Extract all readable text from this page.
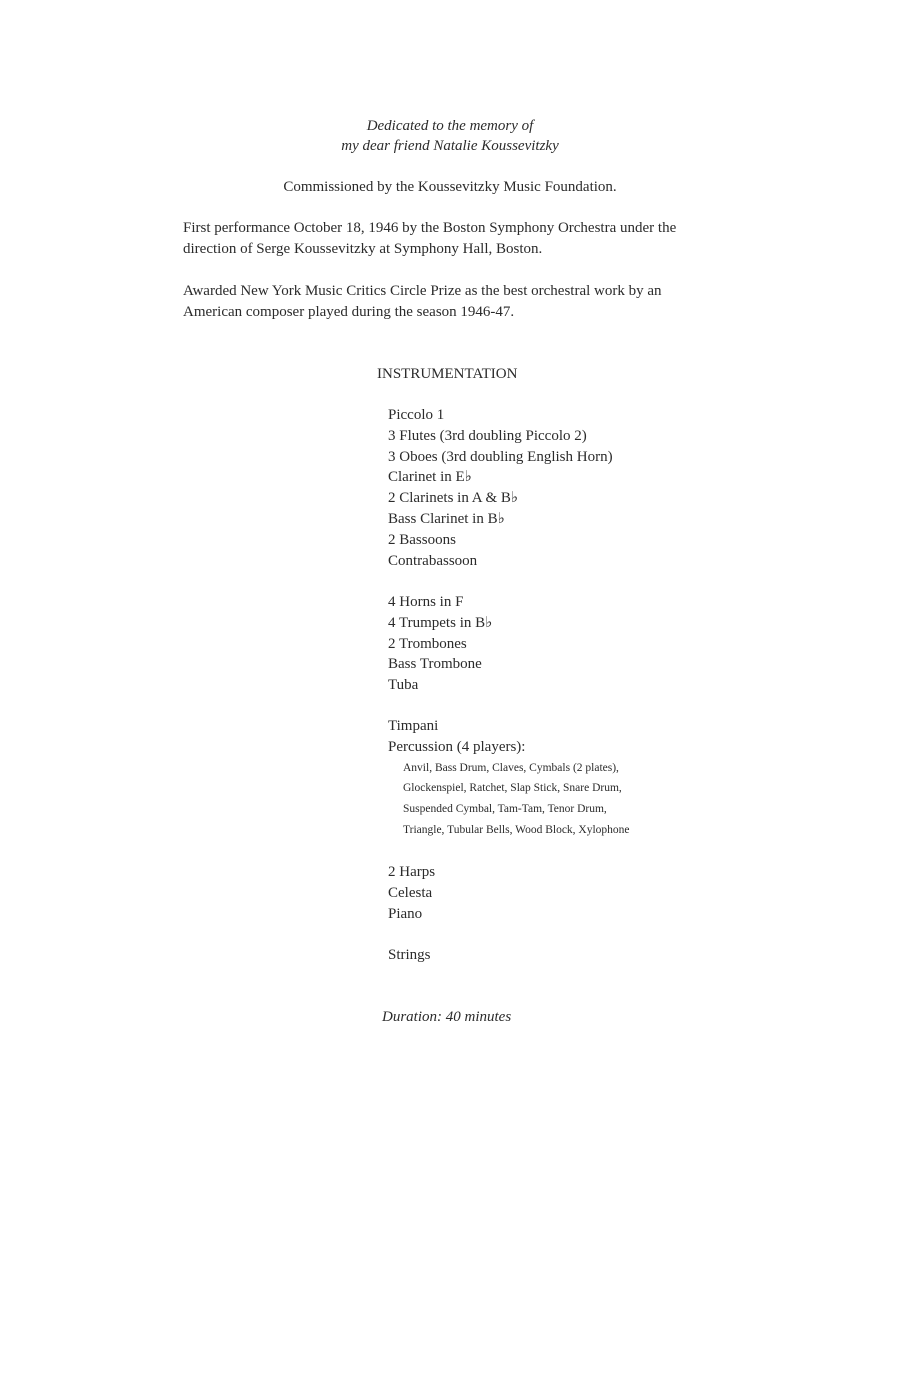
Dedicated to the memory of
my dear friend Natalie Koussevitzky
Commissioned by the Koussevitzky Music Foundation.
First performance October 18, 1946 by the Boston Symphony Orchestra under the
direction of Serge Koussevitzky at Symphony Hall, Boston.
Awarded New York Music Critics Circle Prize as the best orchestral work by an
American composer played during the season 1946-47.
INSTRUMENTATION
Piccolo 1
3 Flutes (3rd doubling Piccolo 2)
3 Oboes (3rd doubling English Horn)
Clarinet in E♭
2 Clarinets in A & B♭
Bass Clarinet in B♭
2 Bassoons
Contrabassoon
4 Horns in F
4 Trumpets in B♭
2 Trombones
Bass Trombone
Tuba
Timpani
Percussion (4 players):
Anvil, Bass Drum, Claves, Cymbals (2 plates),
Glockenspiel, Ratchet, Slap Stick, Snare Drum,
Suspended Cymbal, Tam-Tam, Tenor Drum,
Triangle, Tubular Bells, Wood Block, Xylophone
2 Harps
Celesta
Piano
Strings
Duration: 40 minutes
